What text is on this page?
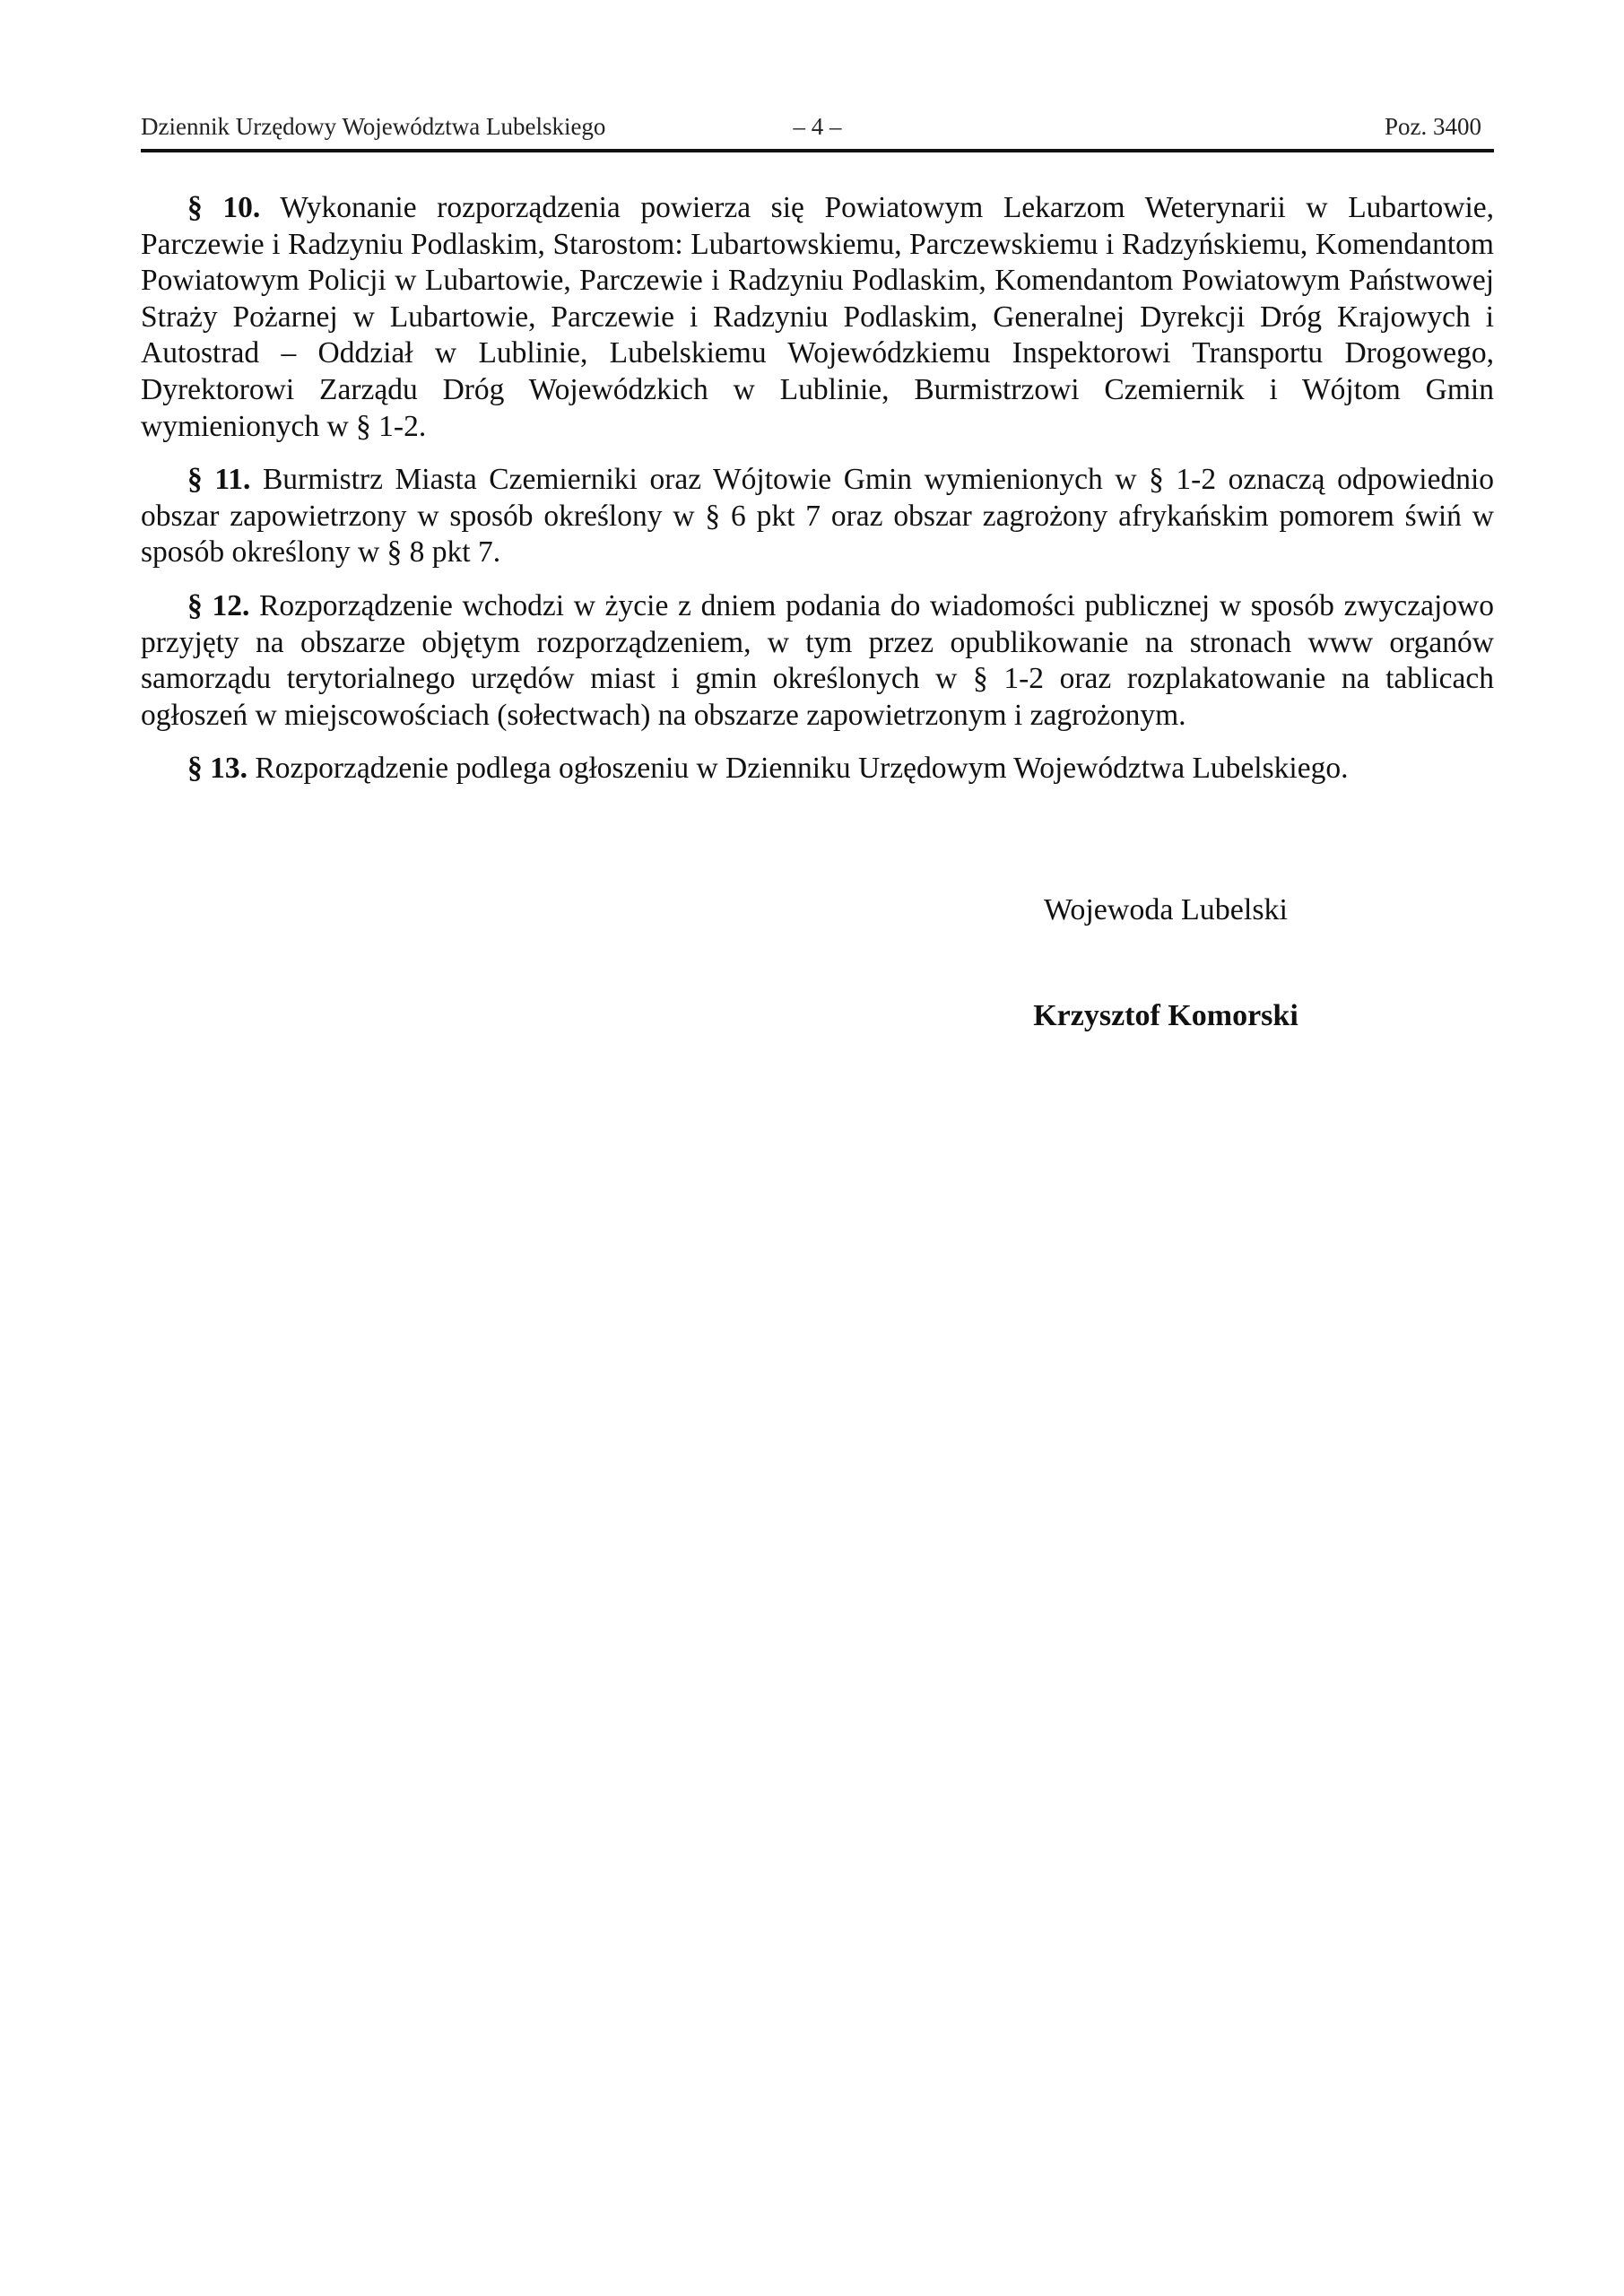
Dziennik Urzędowy Województwa Lubelskiego	– 4 –	Poz. 3400

§ 10. Wykonanie rozporządzenia powierza się Powiatowym Lekarzom Weterynarii w Lubartowie, Parczewie i Radzyniu Podlaskim, Starostom: Lubartowskiemu, Parczewskiemu i Radzyńskiemu, Komendantom Powiatowym Policji w Lubartowie, Parczewie i Radzyniu Podlaskim, Komendantom Powiatowym Państwowej Straży Pożarnej w Lubartowie, Parczewie i Radzyniu Podlaskim, Generalnej Dyrekcji Dróg Krajowych i Autostrad – Oddział w Lublinie, Lubelskiemu Wojewódzkiemu Inspektorowi Transportu Drogowego, Dyrektorowi Zarządu Dróg Wojewódzkich w Lublinie, Burmistrzowi Czemiernik i Wójtom Gmin wymienionych w § 1-2.

§ 11. Burmistrz Miasta Czemierniki oraz Wójtowie Gmin wymienionych w § 1-2 oznaczą odpowiednio obszar zapowietrzony w sposób określony w § 6 pkt 7 oraz obszar zagrożony afrykańskim pomorem świń w sposób określony w § 8 pkt 7.

§ 12. Rozporządzenie wchodzi w życie z dniem podania do wiadomości publicznej w sposób zwyczajowo przyjęty na obszarze objętym rozporządzeniem, w tym przez opublikowanie na stronach www organów samorządu terytorialnego urzędów miast i gmin określonych w § 1-2 oraz rozplakatowanie na tablicach ogłoszeń w miejscowościach (sołectwach) na obszarze zapowietrzonym i zagrożonym.

§ 13. Rozporządzenie podlega ogłoszeniu w Dzienniku Urzędowym Województwa Lubelskiego.

Wojewoda Lubelski
Krzysztof Komorski
